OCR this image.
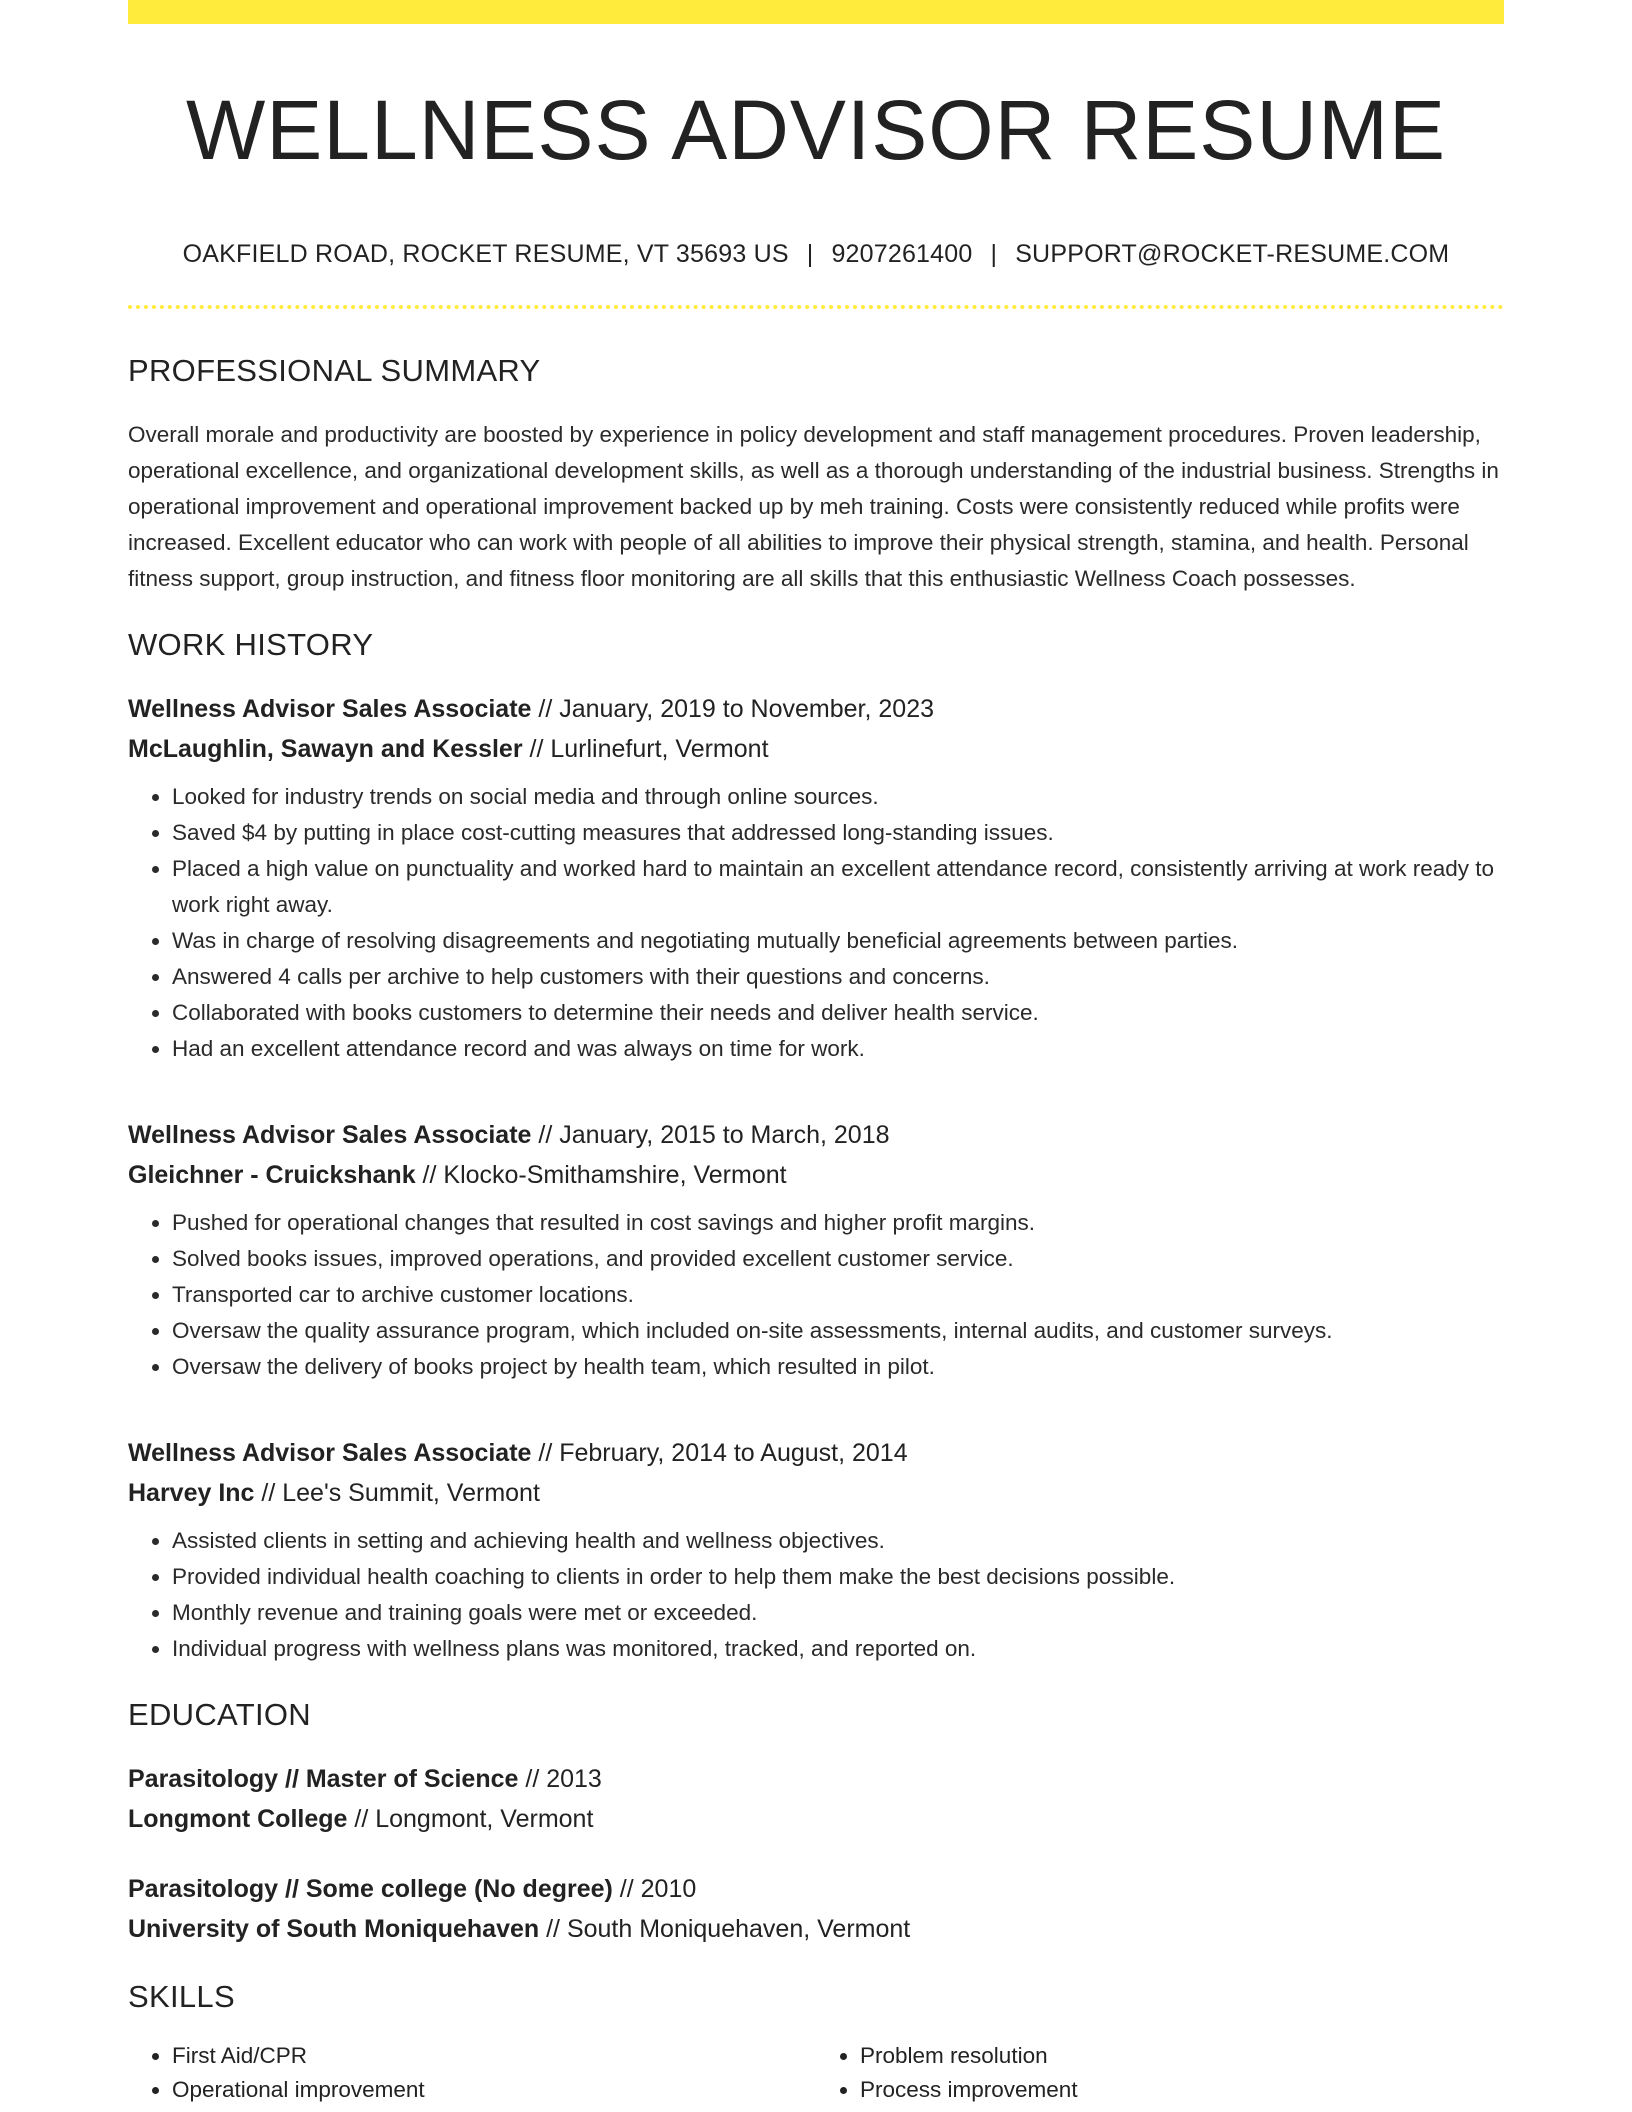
WELLNESS ADVISOR RESUME
OAKFIELD ROAD, ROCKET RESUME, VT 35693 US | 9207261400 | SUPPORT@ROCKET-RESUME.COM
PROFESSIONAL SUMMARY
Overall morale and productivity are boosted by experience in policy development and staff management procedures. Proven leadership, operational excellence, and organizational development skills, as well as a thorough understanding of the industrial business. Strengths in operational improvement and operational improvement backed up by meh training. Costs were consistently reduced while profits were increased. Excellent educator who can work with people of all abilities to improve their physical strength, stamina, and health. Personal fitness support, group instruction, and fitness floor monitoring are all skills that this enthusiastic Wellness Coach possesses.
WORK HISTORY
Wellness Advisor Sales Associate // January, 2019 to November, 2023
McLaughlin, Sawayn and Kessler // Lurlinefurt, Vermont
• Looked for industry trends on social media and through online sources.
• Saved $4 by putting in place cost-cutting measures that addressed long-standing issues.
• Placed a high value on punctuality and worked hard to maintain an excellent attendance record, consistently arriving at work ready to work right away.
• Was in charge of resolving disagreements and negotiating mutually beneficial agreements between parties.
• Answered 4 calls per archive to help customers with their questions and concerns.
• Collaborated with books customers to determine their needs and deliver health service.
• Had an excellent attendance record and was always on time for work.
Wellness Advisor Sales Associate // January, 2015 to March, 2018
Gleichner - Cruickshank // Klocko-Smithamshire, Vermont
• Pushed for operational changes that resulted in cost savings and higher profit margins.
• Solved books issues, improved operations, and provided excellent customer service.
• Transported car to archive customer locations.
• Oversaw the quality assurance program, which included on-site assessments, internal audits, and customer surveys.
• Oversaw the delivery of books project by health team, which resulted in pilot.
Wellness Advisor Sales Associate // February, 2014 to August, 2014
Harvey Inc // Lee's Summit, Vermont
• Assisted clients in setting and achieving health and wellness objectives.
• Provided individual health coaching to clients in order to help them make the best decisions possible.
• Monthly revenue and training goals were met or exceeded.
• Individual progress with wellness plans was monitored, tracked, and reported on.
EDUCATION
Parasitology // Master of Science // 2013
Longmont College // Longmont, Vermont
Parasitology // Some college (No degree) // 2010
University of South Moniquehaven // South Moniquehaven, Vermont
SKILLS
• First Aid/CPR
• Operational improvement
• Problem resolution
• Process improvement
